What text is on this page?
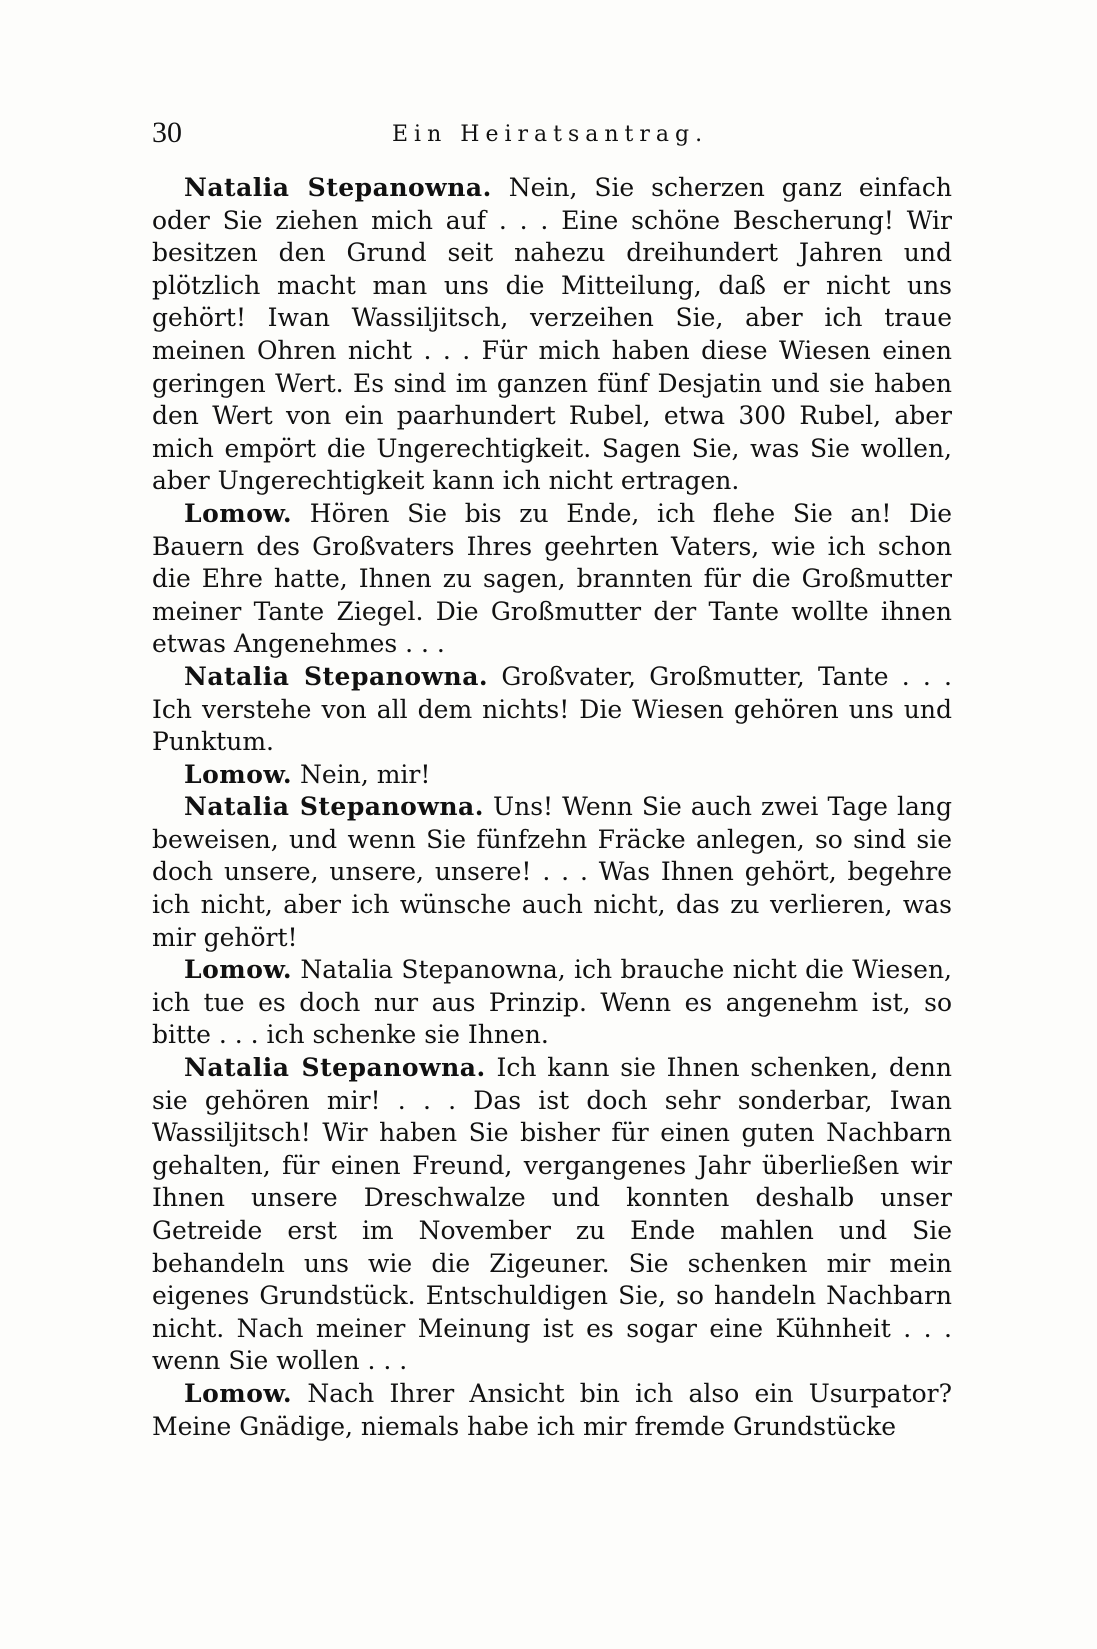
30	Ein Heiratsantrag.

Natalia Stepanowna. Nein, Sie scherzen ganz einfach oder Sie ziehen mich auf . . . Eine schöne Bescherung! Wir besitzen den Grund seit nahezu dreihundert Jahren und plötzlich macht man uns die Mitteilung, daß er nicht uns gehört! Iwan Wassiljitsch, verzeihen Sie, aber ich traue meinen Ohren nicht . . . Für mich haben diese Wiesen einen geringen Wert. Es sind im ganzen fünf Desjatin und sie haben den Wert von ein paarhundert Rubel, etwa 300 Rubel, aber mich empört die Ungerechtigkeit. Sagen Sie, was Sie wollen, aber Ungerechtigkeit kann ich nicht ertragen.

Lomow. Hören Sie bis zu Ende, ich flehe Sie an! Die Bauern des Großvaters Ihres geehrten Vaters, wie ich schon die Ehre hatte, Ihnen zu sagen, brannten für die Großmutter meiner Tante Ziegel. Die Großmutter der Tante wollte ihnen etwas Angenehmes . . .

Natalia Stepanowna. Großvater, Großmutter, Tante . . . Ich verstehe von all dem nichts! Die Wiesen gehören uns und Punktum.

Lomow. Nein, mir!

Natalia Stepanowna. Uns! Wenn Sie auch zwei Tage lang beweisen, und wenn Sie fünfzehn Fräcke anlegen, so sind sie doch unsere, unsere, unsere! . . . Was Ihnen gehört, begehre ich nicht, aber ich wünsche auch nicht, das zu verlieren, was mir gehört!

Lomow. Natalia Stepanowna, ich brauche nicht die Wiesen, ich tue es doch nur aus Prinzip. Wenn es angenehm ist, so bitte . . . ich schenke sie Ihnen.

Natalia Stepanowna. Ich kann sie Ihnen schenken, denn sie gehören mir! . . . Das ist doch sehr sonderbar, Iwan Wassiljitsch! Wir haben Sie bisher für einen guten Nachbarn gehalten, für einen Freund, vergangenes Jahr überließen wir Ihnen unsere Dreschwalze und konnten deshalb unser Getreide erst im November zu Ende mahlen und Sie behandeln uns wie die Zigeuner. Sie schenken mir mein eigenes Grundstück. Entschuldigen Sie, so handeln Nachbarn nicht. Nach meiner Meinung ist es sogar eine Kühnheit . . . wenn Sie wollen . . .

Lomow. Nach Ihrer Ansicht bin ich also ein Usurpator? Meine Gnädige, niemals habe ich mir fremde Grundstücke
